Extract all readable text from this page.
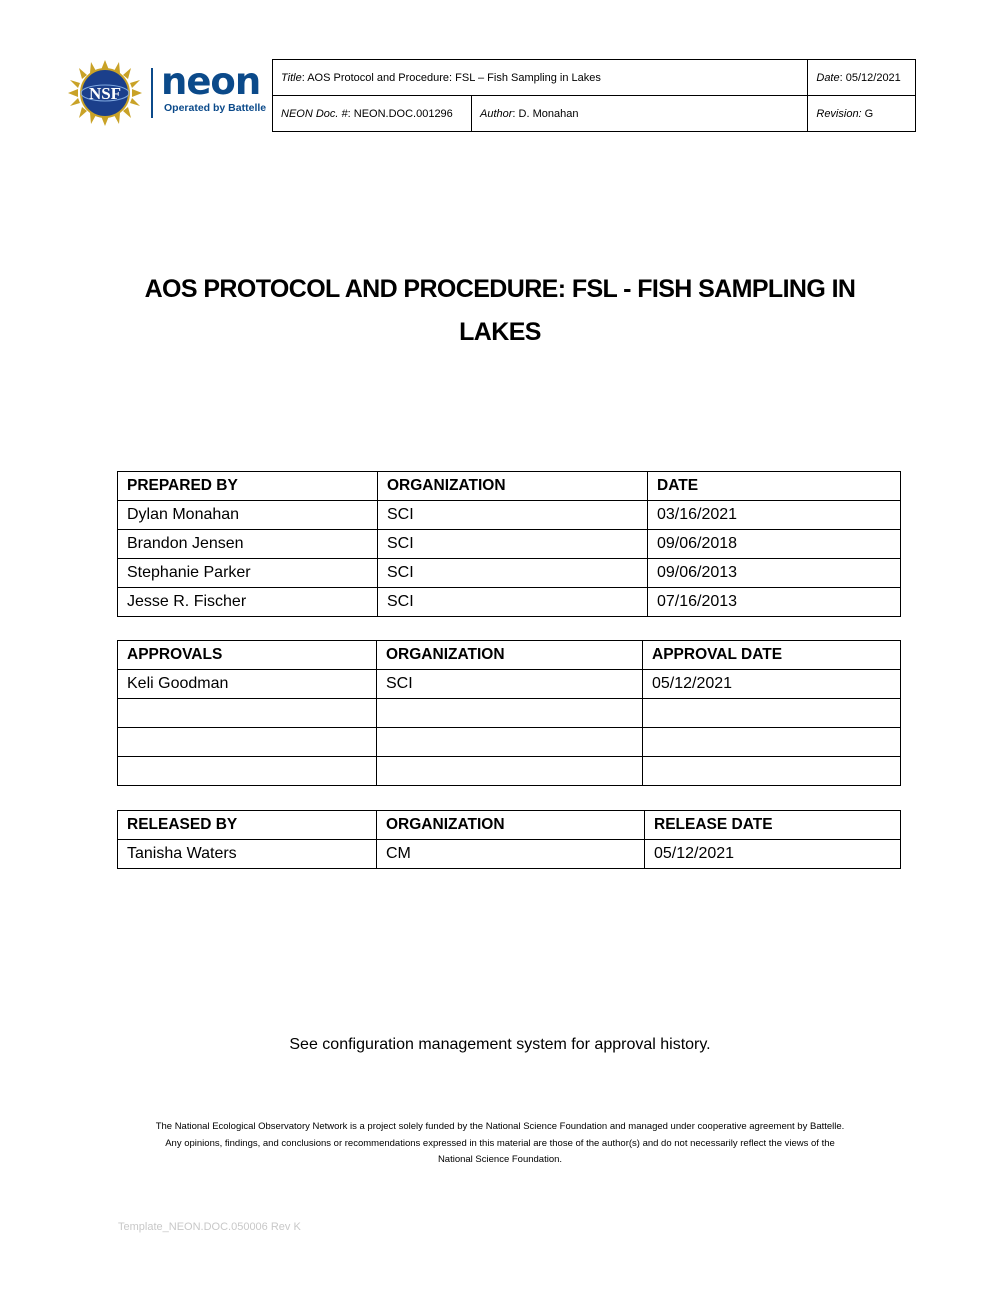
NSF neon
Operated by Battelle
Title: AOS Protocol and Procedure: FSL – Fish Sampling in Lakes		Date: 05/12/2021
NEON Doc. #: NEON.DOC.001296	Author: D. Monahan	Revision: G
AOS PROTOCOL AND PROCEDURE: FSL - FISH SAMPLING IN
LAKES
PREPARED BY	ORGANIZATION	DATE
Dylan Monahan	SCI	03/16/2021
Brandon Jensen	SCI	09/06/2018
Stephanie Parker	SCI	09/06/2013
Jesse R. Fischer	SCI	07/16/2013
APPROVALS	ORGANIZATION	APPROVAL DATE
Keli Goodman	SCI	05/12/2021

RELEASED BY	ORGANIZATION	RELEASE DATE
Tanisha Waters	CM	05/12/2021
See configuration management system for approval history.
The National Ecological Observatory Network is a project solely funded by the National Science Foundation and managed under cooperative agreement by Battelle.
Any opinions, findings, and conclusions or recommendations expressed in this material are those of the author(s) and do not necessarily reflect the views of the
National Science Foundation.
Template_NEON.DOC.050006 Rev K
